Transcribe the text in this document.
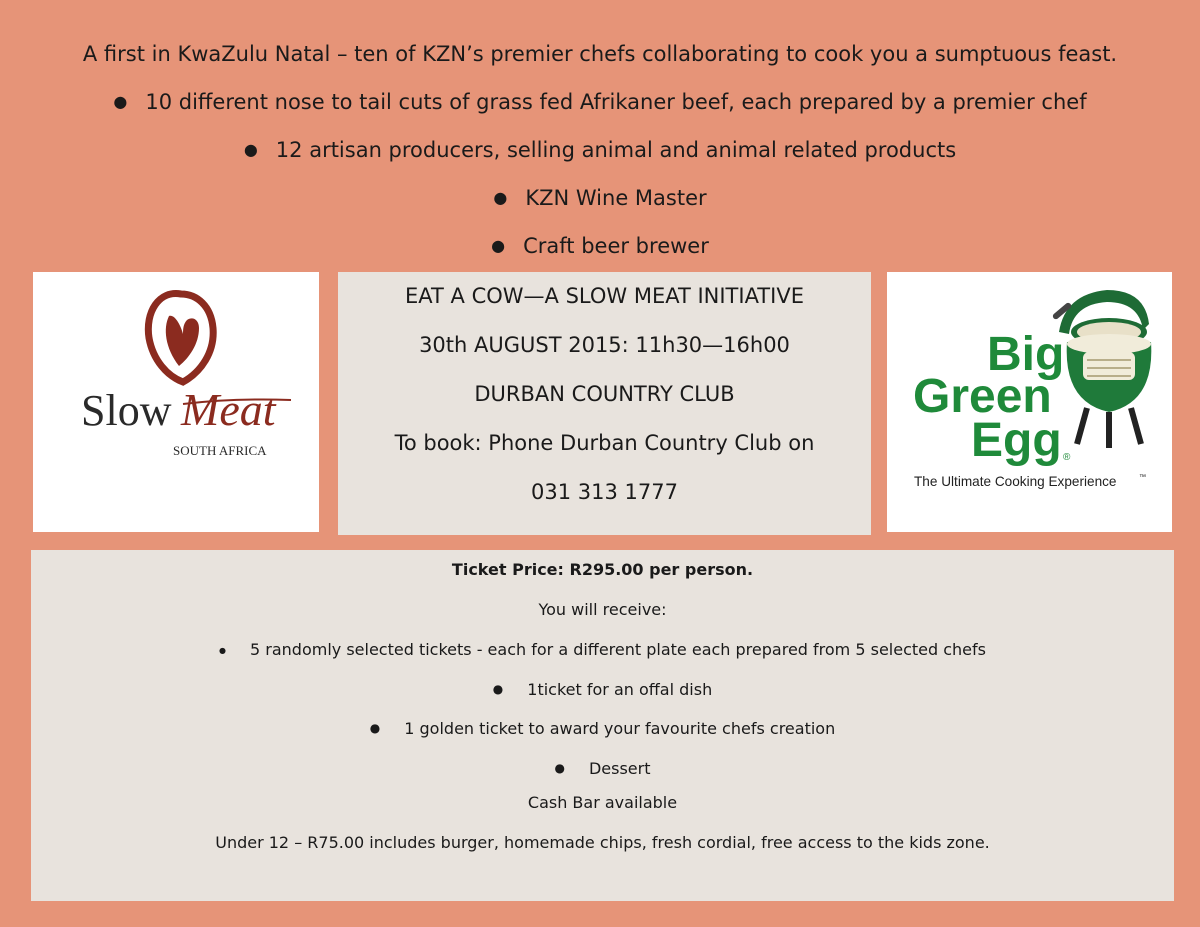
A first in KwaZulu Natal – ten of KZN’s premier chefs collaborating to cook you a sumptuous feast.
● 10 different nose to tail cuts of grass fed Afrikaner beef, each prepared by a premier chef
● 12 artisan producers, selling animal and animal related products
● KZN Wine Master
● Craft beer brewer
Slow Meat
SOUTH AFRICA
EAT A COW—A SLOW MEAT INITIATIVE
30th AUGUST 2015: 11h30—16h00
DURBAN COUNTRY CLUB
To book: Phone Durban Country Club on
031 313 1777
Big
Green
Egg ®
The Ultimate Cooking Experience	™
Ticket Price: R295.00 per person.
You will receive:
● 5 randomly selected tickets - each for a different plate each prepared from 5 selected chefs
● 1ticket for an offal dish
● 1 golden ticket to award your favourite chefs creation
● Dessert
Cash Bar available
Under 12 – R75.00 includes burger, homemade chips, fresh cordial, free access to the kids zone.
